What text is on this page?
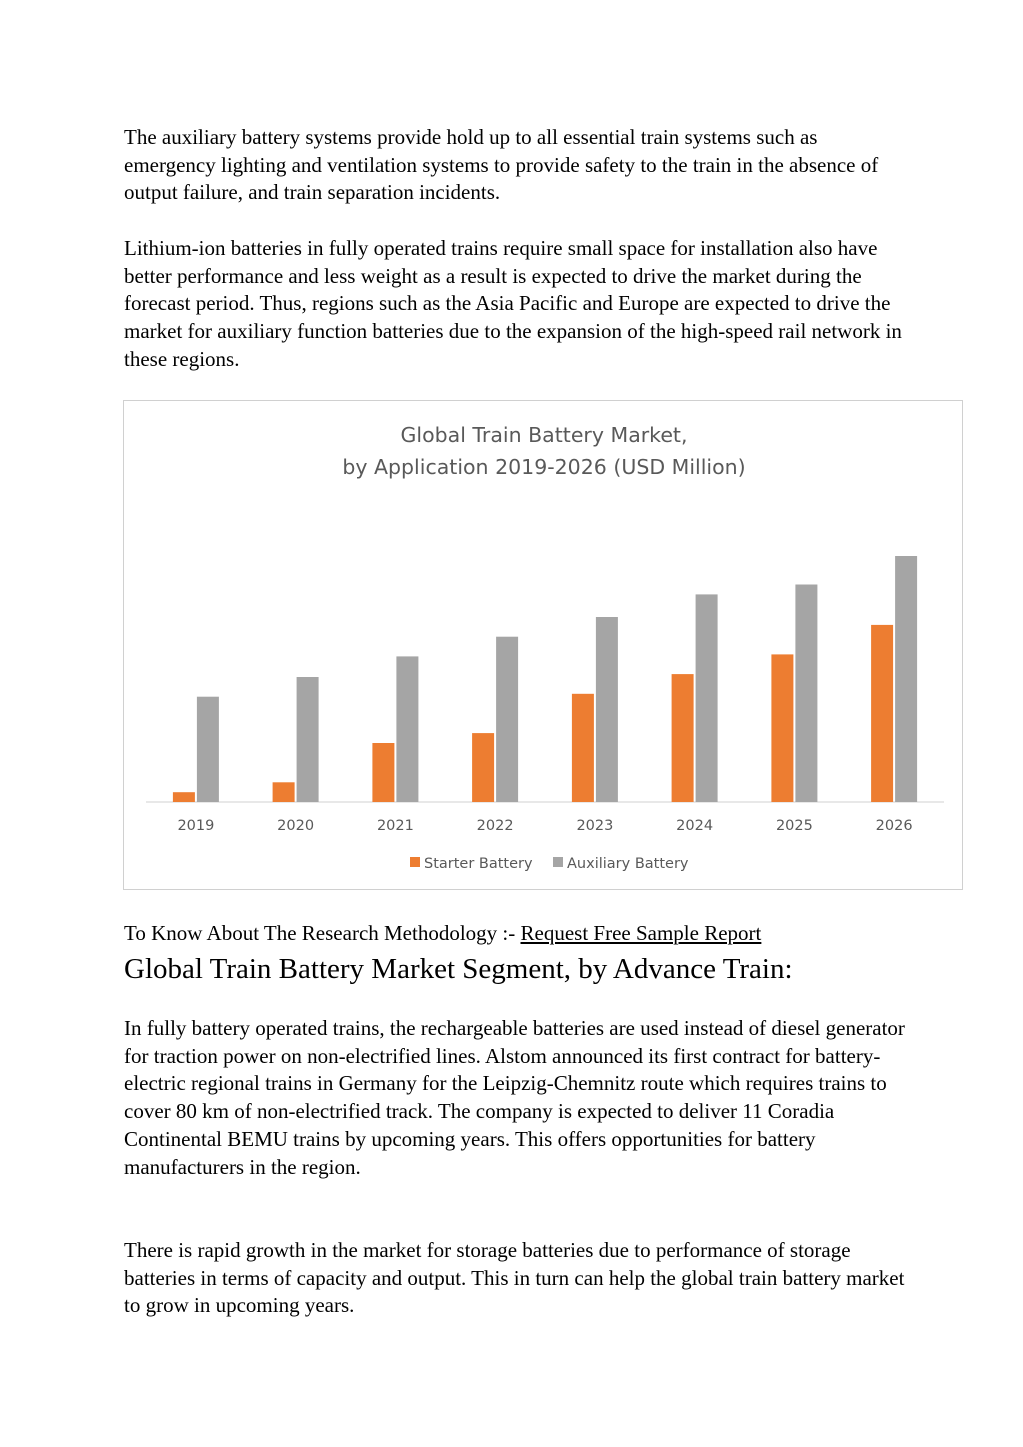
The auxiliary battery systems provide hold up to all essential train systems such as emergency lighting and ventilation systems to provide safety to the train in the absence of output failure, and train separation incidents.

Lithium-ion batteries in fully operated trains require small space for installation also have better performance and less weight as a result is expected to drive the market during the forecast period. Thus, regions such as the Asia Pacific and Europe are expected to drive the market for auxiliary function batteries due to the expansion of the high-speed rail network in these regions.

Global Train Battery Market,
by Application 2019-2026 (USD Million)
2019	2020	2021	2022	2023	2024	2025	2026
Starter Battery Auxiliary Battery
To Know About The Research Methodology :- Request Free Sample Report
Global Train Battery Market Segment, by Advance Train:

In fully battery operated trains, the rechargeable batteries are used instead of diesel generator for traction power on non-electrified lines. Alstom announced its first contract for battery-electric regional trains in Germany for the Leipzig-Chemnitz route which requires trains to cover 80 km of non-electrified track. The company is expected to deliver 11 Coradia Continental BEMU trains by upcoming years. This offers opportunities for battery manufacturers in the region.

There is rapid growth in the market for storage batteries due to performance of storage batteries in terms of capacity and output. This in turn can help the global train battery market to grow in upcoming years.
